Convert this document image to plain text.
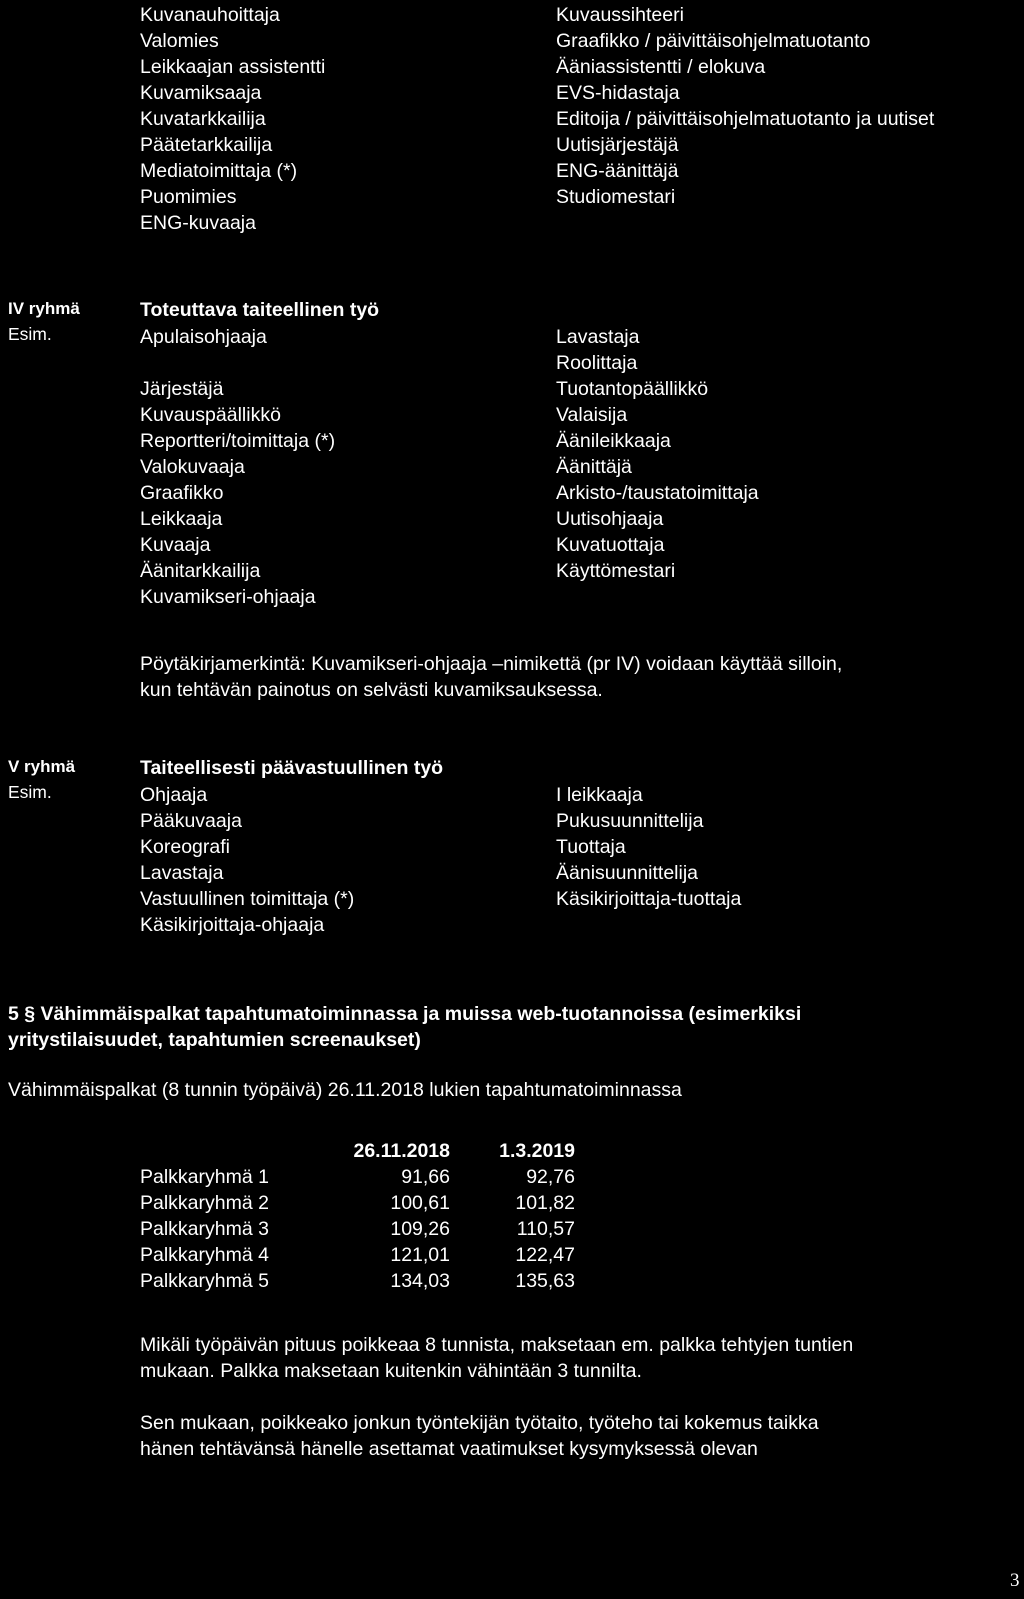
Kuvanauhoittaja
Valomies
Leikkaajan assistentti
Kuvamiksaaja
Kuvatarkkailija
Päätetarkkailija
Mediatoimittaja (*)
Puomimies
ENG-kuvaaja
Kuvaussihteeri
Graafikko / päivittäisohjelmatuotanto
Ääniassistentti / elokuva
EVS-hidastaja
Editoija / päivittäisohjelmatuotanto ja uutiset
Uutisjärjestäjä
ENG-äänittäjä
Studiomestari
IV ryhmä
Esim.
Toteuttava taiteellinen työ
Apulaisohjaaja
Järjestäjä
Kuvauspäällikkö
Reportteri/toimittaja (*)
Valokuvaaja
Graafikko
Leikkaaja
Kuvaaja
Äänitarkkailija
Kuvamikseri-ohjaaja
Lavastaja
Roolittaja
Tuotantopäällikkö
Valaisija
Äänileikkaaja
Äänittäjä
Arkisto-/taustatoimittaja
Uutisohjaaja
Kuvatuottaja
Käyttömestari
Pöytäkirjamerkintä: Kuvamikseri-ohjaaja –nimikettä (pr IV) voidaan käyttää silloin,
kun tehtävän painotus on selvästi kuvamiksauksessa.
V ryhmä
Esim.
Taiteellisesti päävastuullinen työ
Ohjaaja
Pääkuvaaja
Koreografi
Lavastaja
Vastuullinen toimittaja (*)
Käsikirjoittaja-ohjaaja
I leikkaaja
Pukusuunnittelija
Tuottaja
Äänisuunnittelija
Käsikirjoittaja-tuottaja
5 § Vähimmäispalkat tapahtumatoiminnassa ja muissa web-tuotannoissa (esimerkiksi
yritystilaisuudet, tapahtumien screenaukset)
Vähimmäispalkat (8 tunnin työpäivä) 26.11.2018 lukien tapahtumatoiminnassa
	26.11.2018	1.3.2019
Palkkaryhmä 1	91,66	92,76
Palkkaryhmä 2	100,61	101,82
Palkkaryhmä 3	109,26	110,57
Palkkaryhmä 4	121,01	122,47
Palkkaryhmä 5	134,03	135,63
Mikäli työpäivän pituus poikkeaa 8 tunnista, maksetaan em. palkka tehtyjen tuntien
mukaan. Palkka maksetaan kuitenkin vähintään 3 tunnilta.
Sen mukaan, poikkeako jonkun työntekijän työtaito, työteho tai kokemus taikka
hänen tehtävänsä hänelle asettamat vaatimukset kysymyksessä olevan
3
